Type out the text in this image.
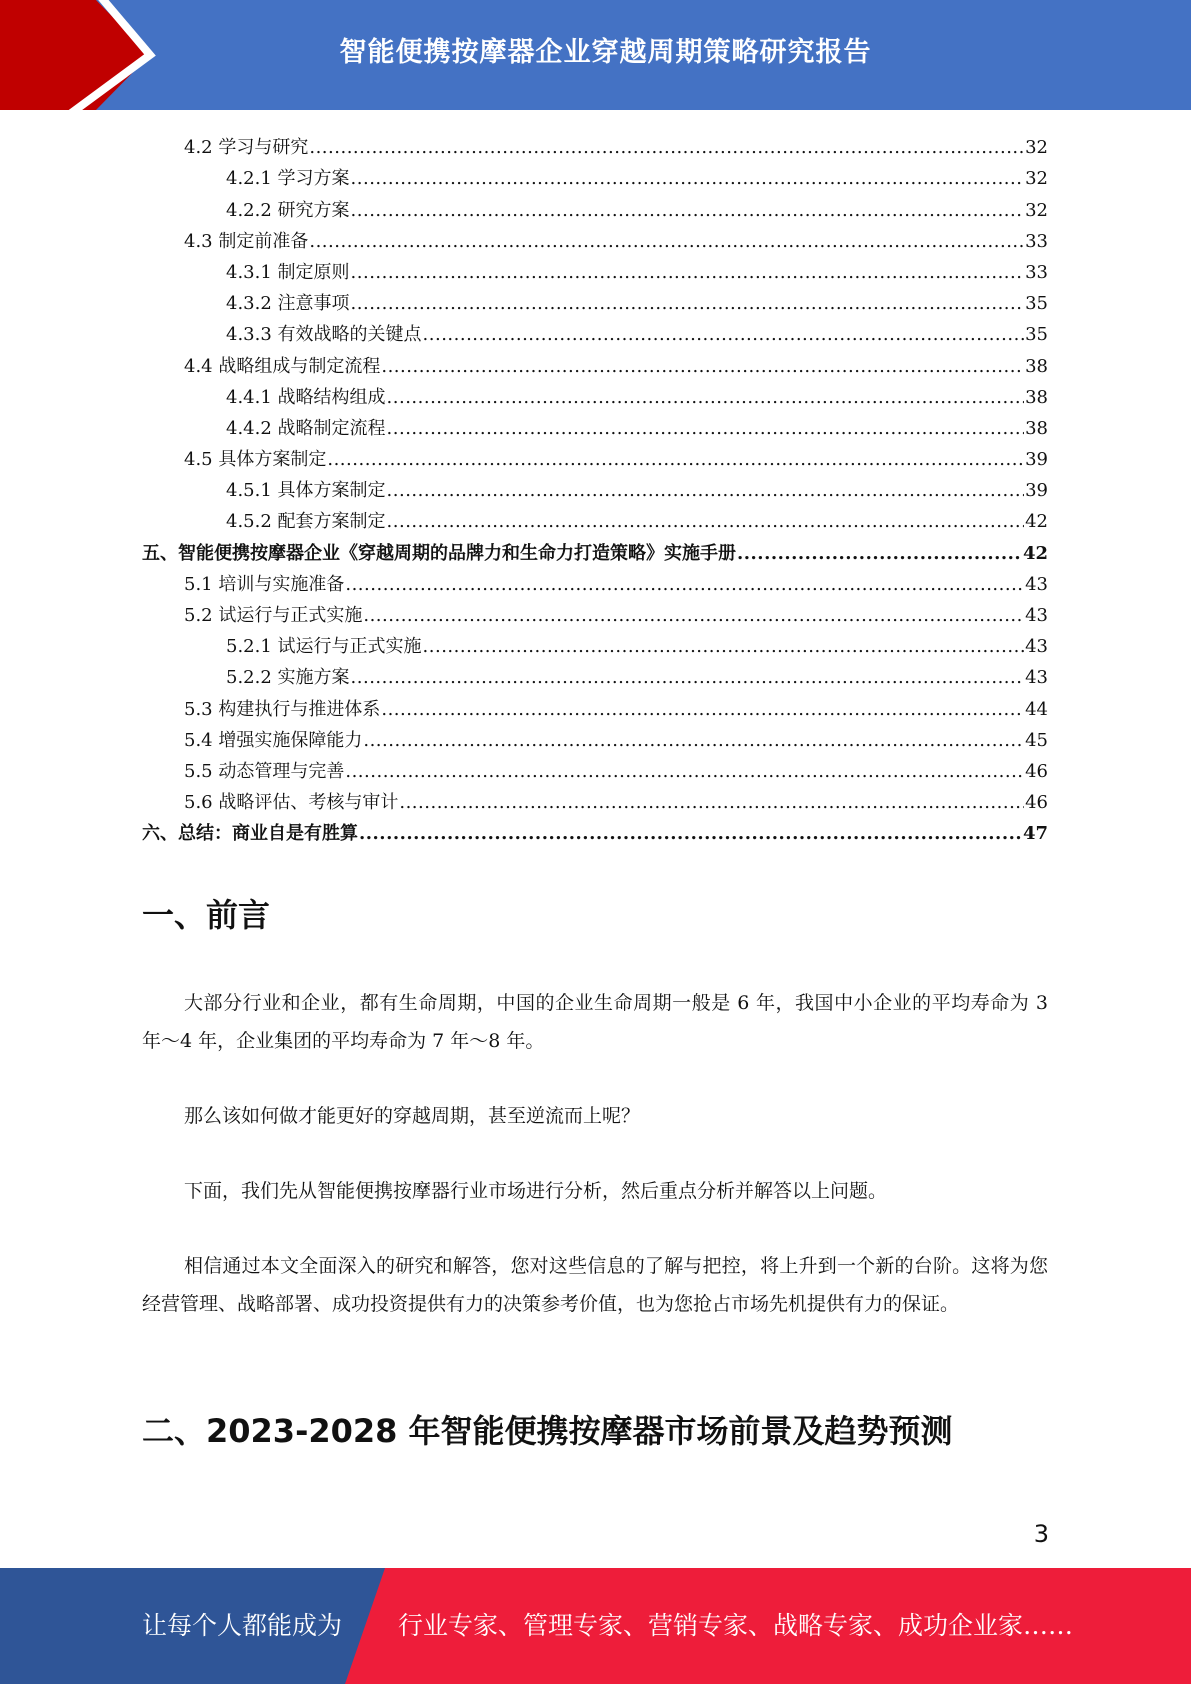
智能便携按摩器企业穿越周期策略研究报告
4.2 学习与研究 .....	32
4.2.1 学习方案 .....	32
4.2.2 研究方案 .....	32
4.3 制定前准备 .....	33
4.3.1 制定原则 .....	33
4.3.2 注意事项 .....	35
4.3.3 有效战略的关键点 .....	35
4.4 战略组成与制定流程 .....	38
4.4.1 战略结构组成 .....	38
4.4.2 战略制定流程 .....	38
4.5 具体方案制定 .....	39
4.5.1 具体方案制定 .....	39
4.5.2 配套方案制定 .....	42
五、智能便携按摩器企业《穿越周期的品牌力和生命力打造策略》实施手册 .....	42
5.1 培训与实施准备 .....	43
5.2 试运行与正式实施 .....	43
5.2.1 试运行与正式实施 .....	43
5.2.2 实施方案 .....	43
5.3 构建执行与推进体系 .....	44
5.4 增强实施保障能力 .....	45
5.5 动态管理与完善 .....	46
5.6 战略评估、考核与审计 .....	46
六、总结：商业自是有胜算 .....	47
一、前言

大部分行业和企业，都有生命周期，中国的企业生命周期一般是 6 年，我国中小企业的平均寿命为 3 年～4 年，企业集团的平均寿命为 7 年～8 年。

那么该如何做才能更好的穿越周期，甚至逆流而上呢？

下面，我们先从智能便携按摩器行业市场进行分析，然后重点分析并解答以上问题。

相信通过本文全面深入的研究和解答，您对这些信息的了解与把控，将上升到一个新的台阶。这将为您经营管理、战略部署、成功投资提供有力的决策参考价值，也为您抢占市场先机提供有力的保证。

二、2023-2028 年智能便携按摩器市场前景及趋势预测
3
让每个人都能成为 行业专家、管理专家、营销专家、战略专家、成功企业家……
